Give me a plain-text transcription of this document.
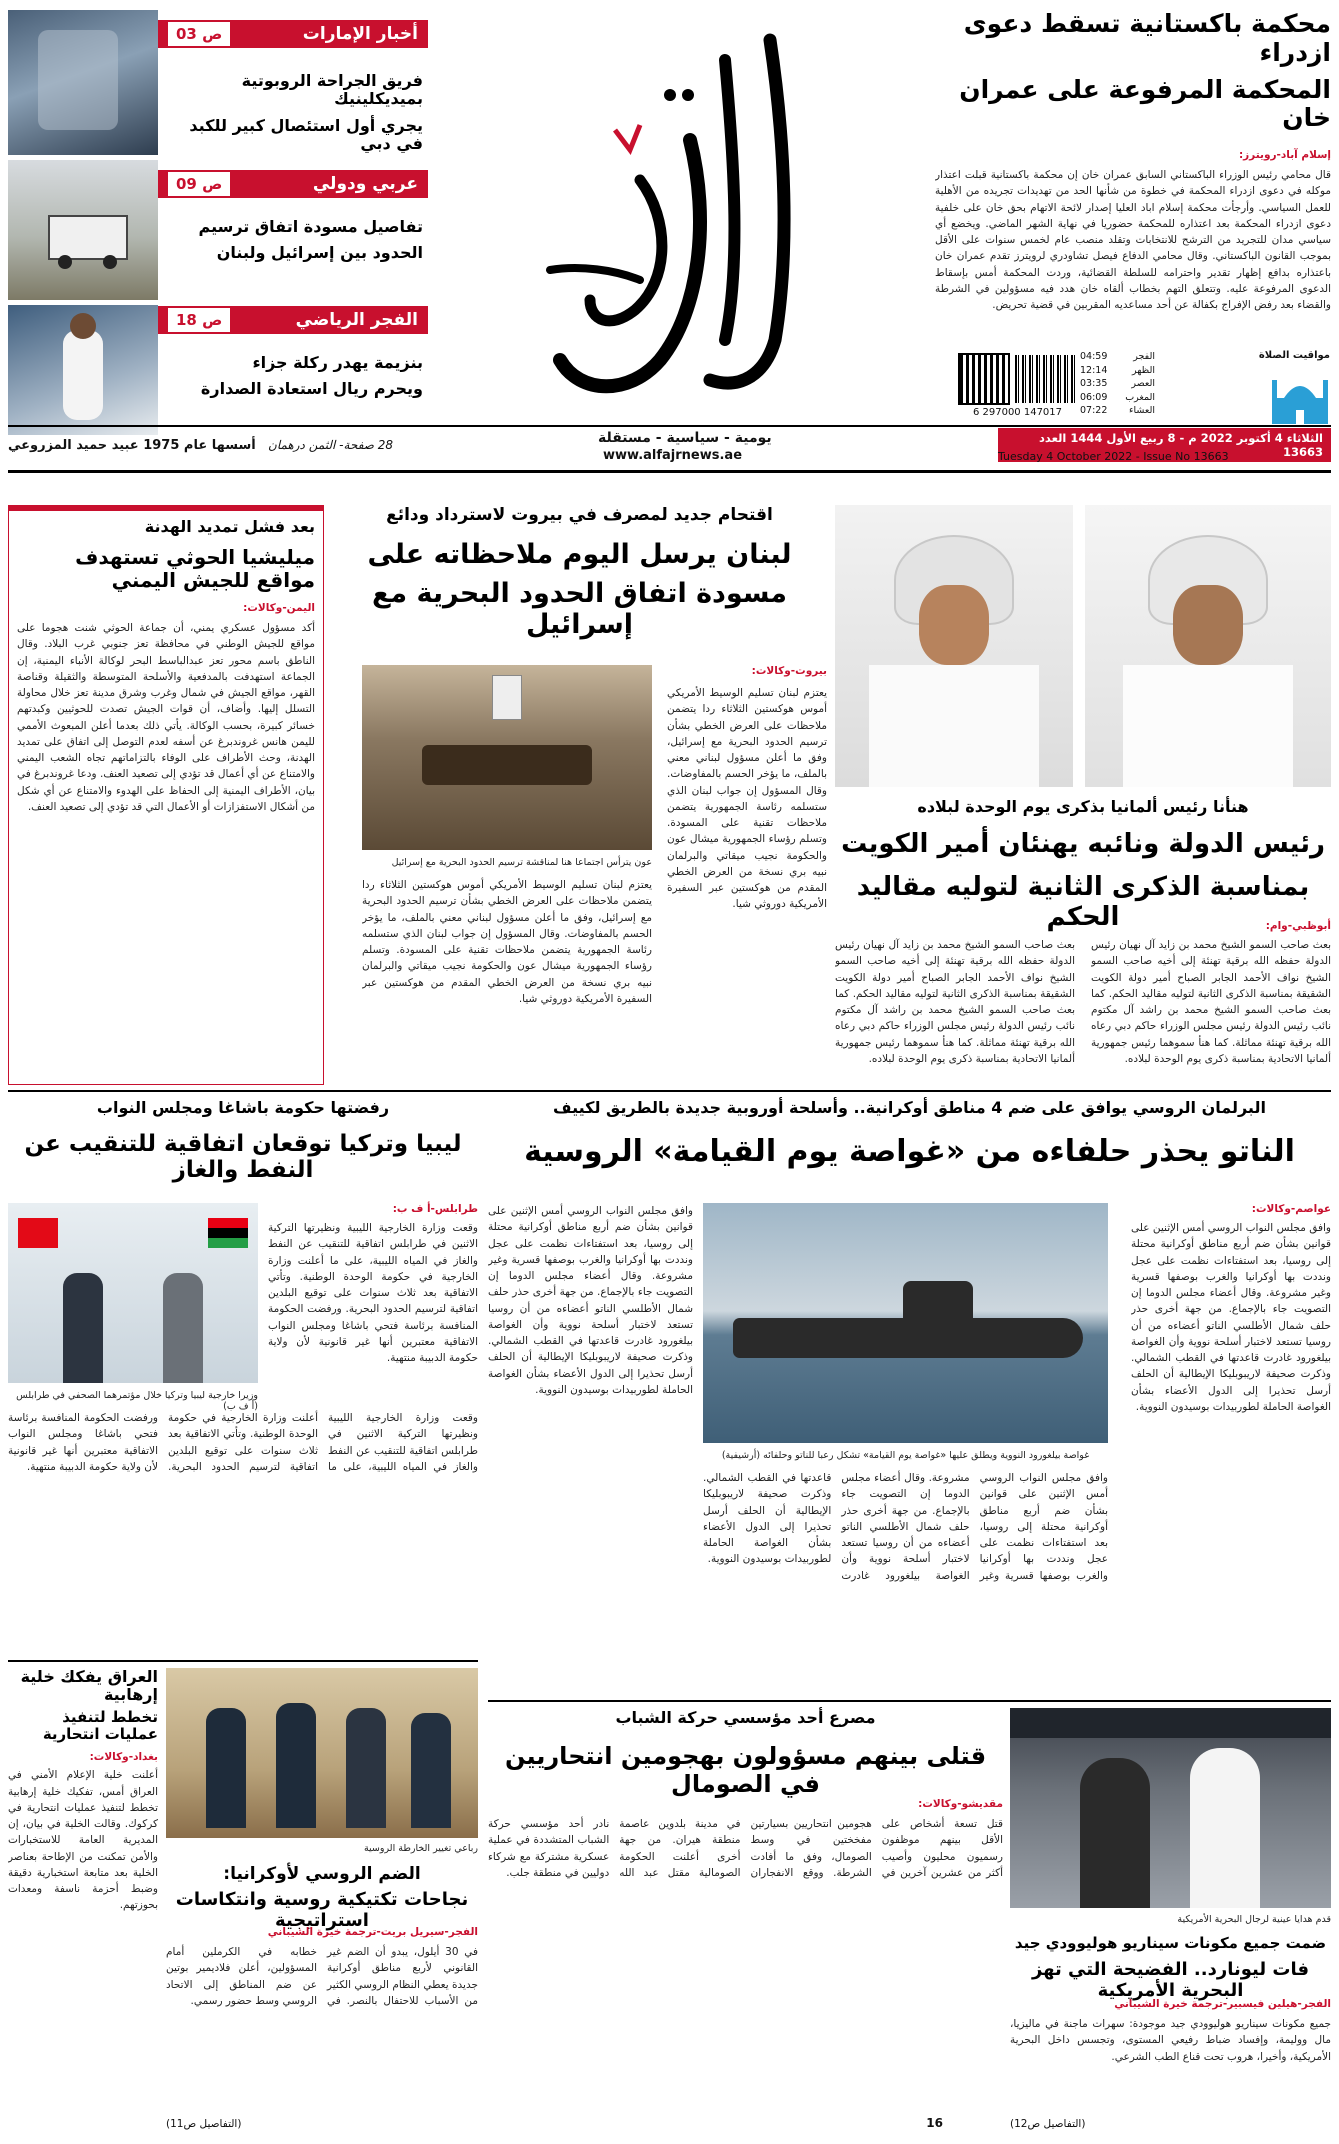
أخبار الإمارات
ص 03
فريق الجراحة الروبوتية بميديكلينيك
يجري أول استئصال كبير للكبد في دبي
عربي ودولي
ص 09
تفاصيل مسودة اتفاق ترسيم
الحدود بين إسرائيل ولبنان
الفجر الرياضي
ص 18
بنزيمة يهدر ركلة جزاء
ويحرم ريال استعادة الصدارة
محكمة باكستانية تسقط دعوى ازدراء
المحكمة المرفوعة على عمران خان
إسلام آباد-رويترز:
قال محامي رئيس الوزراء الباكستاني السابق عمران خان إن محكمة باكستانية قبلت اعتذار موكله في دعوى ازدراء المحكمة في خطوة من شأنها الحد من تهديدات تجريده من الأهلية للعمل السياسي. وأرجأت محكمة إسلام اباد العليا إصدار لائحة الاتهام بحق خان على خلفية دعوى ازدراء المحكمة بعد اعتذاره للمحكمة حضوريا في نهاية الشهر الماضي. ويخضع أي سياسي مدان للتجريد من الترشح للانتخابات وتقلد منصب عام لخمس سنوات على الأقل بموجب القانون الباكستاني. وقال محامي الدفاع فيصل تشاودري لرويترز تقدم عمران خان باعتذاره بدافع إظهار تقدير واحترامه للسلطة القضائية، وردت المحكمة أمس بإسقاط الدعوى المرفوعة عليه. وتتعلق التهم بخطاب ألقاه خان هدد فيه مسؤولين في الشرطة والقضاء بعد رفض الإفراج بكفالة عن أحد مساعديه المقربين في قضية تحريض.
مواقيت الصلاة
الفجر
04:59
الظهر
12:14
العصر
03:35
المغرب
06:09
العشاء
07:22
6 297000 147017
أسسها عام 1975 عبيد حميد المزروعي 28 صفحة- الثمن درهمان	يومية - سياسية - مستقلة
www.alfajrnews.ae
الثلاثاء 4 أكتوبر 2022 م - 8 ربيع الأول 1444 العدد 13663
Tuesday 4 October 2022 - Issue No 13663
بعد فشل تمديد الهدنة
ميليشيا الحوثي تستهدف مواقع للجيش اليمني
اليمن-وكالات:
أكد مسؤول عسكري يمني، أن جماعة الحوثي شنت هجوما على مواقع للجيش الوطني في محافظة تعز جنوبي غرب البلاد. وقال الناطق باسم محور تعز عبدالباسط البحر لوكالة الأنباء اليمنية، إن الجماعة استهدفت بالمدفعية والأسلحة المتوسطة والثقيلة وقناصة القهر، مواقع الجيش في شمال وغرب وشرق مدينة تعز خلال محاولة التسلل إليها. وأضاف، أن قوات الجيش تصدت للحوثيين وكبدتهم خسائر كبيرة، بحسب الوكالة. يأتي ذلك بعدما أعلن المبعوث الأممي لليمن هانس غروندبرغ عن أسفه لعدم التوصل إلى اتفاق على تمديد الهدنة، وحث الأطراف على الوفاء بالتزاماتهم تجاه الشعب اليمني والامتناع عن أي أعمال قد تؤدي إلى تصعيد العنف. ودعا غروندبرغ في بيان، الأطراف اليمنية إلى الحفاظ على الهدوء والامتناع عن أي شكل من أشكال الاستفزازات أو الأعمال التي قد تؤدي إلى تصعيد العنف.
اقتحام جديد لمصرف في بيروت لاسترداد ودائع
لبنان يرسل اليوم ملاحظاته على
مسودة اتفاق الحدود البحرية مع إسرائيل
عون يترأس اجتماعا هنا لمناقشة ترسيم الحدود البحرية مع إسرائيل
بيروت-وكالات:
يعتزم لبنان تسليم الوسيط الأمريكي أموس هوكستين الثلاثاء ردا يتضمن ملاحظات على العرض الخطي بشأن ترسيم الحدود البحرية مع إسرائيل، وفق ما أعلن مسؤول لبناني معني بالملف، ما يؤخر الحسم بالمفاوضات. وقال المسؤول إن جواب لبنان الذي ستسلمه رئاسة الجمهورية يتضمن ملاحظات تقنية على المسودة. وتسلم رؤساء الجمهورية ميشال عون والحكومة نجيب ميقاتي والبرلمان نبيه بري نسخة من العرض الخطي المقدم من هوكستين عبر السفيرة الأمريكية دوروثي شيا.
يعتزم لبنان تسليم الوسيط الأمريكي أموس هوكستين الثلاثاء ردا يتضمن ملاحظات على العرض الخطي بشأن ترسيم الحدود البحرية مع إسرائيل، وفق ما أعلن مسؤول لبناني معني بالملف، ما يؤخر الحسم بالمفاوضات. وقال المسؤول إن جواب لبنان الذي ستسلمه رئاسة الجمهورية يتضمن ملاحظات تقنية على المسودة. وتسلم رؤساء الجمهورية ميشال عون والحكومة نجيب ميقاتي والبرلمان نبيه بري نسخة من العرض الخطي المقدم من هوكستين عبر السفيرة الأمريكية دوروثي شيا.
هنأنا رئيس ألمانيا بذكرى يوم الوحدة لبلاده
رئيس الدولة ونائبه يهنئان أمير الكويت
بمناسبة الذكرى الثانية لتوليه مقاليد الحكم	أبوظبي-وام:
بعث صاحب السمو الشيخ محمد بن زايد آل نهيان رئيس الدولة حفظه الله برقية تهنئة إلى أخيه صاحب السمو الشيخ نواف الأحمد الجابر الصباح أمير دولة الكويت الشقيقة بمناسبة الذكرى الثانية لتوليه مقاليد الحكم. كما بعث صاحب السمو الشيخ محمد بن راشد آل مكتوم نائب رئيس الدولة رئيس مجلس الوزراء حاكم دبي رعاه الله برقية تهنئة مماثلة. كما هنأ سموهما رئيس جمهورية ألمانيا الاتحادية بمناسبة ذكرى يوم الوحدة لبلاده.
بعث صاحب السمو الشيخ محمد بن زايد آل نهيان رئيس الدولة حفظه الله برقية تهنئة إلى أخيه صاحب السمو الشيخ نواف الأحمد الجابر الصباح أمير دولة الكويت الشقيقة بمناسبة الذكرى الثانية لتوليه مقاليد الحكم. كما بعث صاحب السمو الشيخ محمد بن راشد آل مكتوم نائب رئيس الدولة رئيس مجلس الوزراء حاكم دبي رعاه الله برقية تهنئة مماثلة. كما هنأ سموهما رئيس جمهورية ألمانيا الاتحادية بمناسبة ذكرى يوم الوحدة لبلاده.
رفضتها حكومة باشاغا ومجلس النواب
ليبيا وتركيا توقعان اتفاقية للتنقيب عن النفط والغاز
وزيرا خارجية ليبيا وتركيا خلال مؤتمرهما الصحفي في طرابلس (أ ف ب)
طرابلس-أ ف ب:
وقعت وزارة الخارجية الليبية ونظيرتها التركية الاثنين في طرابلس اتفاقية للتنقيب عن النفط والغاز في المياه الليبية، على ما أعلنت وزارة الخارجية في حكومة الوحدة الوطنية. وتأتي الاتفاقية بعد ثلاث سنوات على توقيع البلدين اتفاقية لترسيم الحدود البحرية. ورفضت الحكومة المنافسة برئاسة فتحي باشاغا ومجلس النواب الاتفاقية معتبرين أنها غير قانونية لأن ولاية حكومة الدبيبة منتهية.
وقعت وزارة الخارجية الليبية ونظيرتها التركية الاثنين في طرابلس اتفاقية للتنقيب عن النفط والغاز في المياه الليبية، على ما أعلنت وزارة الخارجية في حكومة الوحدة الوطنية. وتأتي الاتفاقية بعد ثلاث سنوات على توقيع البلدين اتفاقية لترسيم الحدود البحرية. ورفضت الحكومة المنافسة برئاسة فتحي باشاغا ومجلس النواب الاتفاقية معتبرين أنها غير قانونية لأن ولاية حكومة الدبيبة منتهية.
البرلمان الروسي يوافق على ضم 4 مناطق أوكرانية.. وأسلحة أوروبية جديدة بالطريق لكييف
الناتو يحذر حلفاءه من «غواصة يوم القيامة» الروسية
غواصة بيلغورود النووية ويطلق عليها «غواصة يوم القيامة» تشكل رعبا للناتو وحلفائه (أرشيفية)
عواصم-وكالات:
وافق مجلس النواب الروسي أمس الإثنين على قوانين بشأن ضم أربع مناطق أوكرانية محتلة إلى روسيا، بعد استفتاءات نظمت على عجل ونددت بها أوكرانيا والغرب بوصفها قسرية وغير مشروعة. وقال أعضاء مجلس الدوما إن التصويت جاء بالإجماع. من جهة أخرى حذر حلف شمال الأطلسي الناتو أعضاءه من أن روسيا تستعد لاختبار أسلحة نووية وأن الغواصة بيلغورود غادرت قاعدتها في القطب الشمالي. وذكرت صحيفة لاريبوبليكا الإيطالية أن الحلف أرسل تحذيرا إلى الدول الأعضاء بشأن الغواصة الحاملة لطوربيدات بوسيدون النووية.
وافق مجلس النواب الروسي أمس الإثنين على قوانين بشأن ضم أربع مناطق أوكرانية محتلة إلى روسيا، بعد استفتاءات نظمت على عجل ونددت بها أوكرانيا والغرب بوصفها قسرية وغير مشروعة. وقال أعضاء مجلس الدوما إن التصويت جاء بالإجماع. من جهة أخرى حذر حلف شمال الأطلسي الناتو أعضاءه من أن روسيا تستعد لاختبار أسلحة نووية وأن الغواصة بيلغورود غادرت قاعدتها في القطب الشمالي. وذكرت صحيفة لاريبوبليكا الإيطالية أن الحلف أرسل تحذيرا إلى الدول الأعضاء بشأن الغواصة الحاملة لطوربيدات بوسيدون النووية.
وافق مجلس النواب الروسي أمس الإثنين على قوانين بشأن ضم أربع مناطق أوكرانية محتلة إلى روسيا، بعد استفتاءات نظمت على عجل ونددت بها أوكرانيا والغرب بوصفها قسرية وغير مشروعة. وقال أعضاء مجلس الدوما إن التصويت جاء بالإجماع. من جهة أخرى حذر حلف شمال الأطلسي الناتو أعضاءه من أن روسيا تستعد لاختبار أسلحة نووية وأن الغواصة بيلغورود غادرت قاعدتها في القطب الشمالي. وذكرت صحيفة لاريبوبليكا الإيطالية أن الحلف أرسل تحذيرا إلى الدول الأعضاء بشأن الغواصة الحاملة لطوربيدات بوسيدون النووية.
العراق يفكك خلية إرهابية
تخطط لتنفيذ عمليات انتحارية
بغداد-وكالات:
أعلنت خلية الإعلام الأمني في العراق أمس، تفكيك خلية إرهابية تخطط لتنفيذ عمليات انتحارية في كركوك. وقالت الخلية في بيان، إن المديرية العامة للاستخبارات والأمن تمكنت من الإطاحة بعناصر الخلية بعد متابعة استخبارية دقيقة وضبط أحزمة ناسفة ومعدات بحوزتهم.
رباعي تغيير الخارطة الروسية
الضم الروسي لأوكرانيا:
نجاحات تكتيكية روسية وانتكاسات استراتيجية
الفجر-سيريل بريت-ترجمة خيرة الشيباني
في 30 أيلول، يبدو أن الضم غير القانوني لأربع مناطق أوكرانية جديدة يعطي النظام الروسي الكثير من الأسباب للاحتفال بالنصر. في خطابه في الكرملين أمام المسؤولين، أعلن فلاديمير بوتين عن ضم المناطق إلى الاتحاد الروسي وسط حضور رسمي.
(التفاصيل ص11)
مصرع أحد مؤسسي حركة الشباب
قتلى بينهم مسؤولون بهجومين انتحاريين في الصومال
مقديشو-وكالات:
قتل تسعة أشخاص على الأقل بينهم موظفون رسميون محليون وأصيب أكثر من عشرين آخرين في هجومين انتحاريين بسيارتين مفخختين في وسط الصومال، وفق ما أفادت الشرطة. ووقع الانفجاران في مدينة بلدوين عاصمة منطقة هيران. من جهة أخرى أعلنت الحكومة الصومالية مقتل عبد الله نادر أحد مؤسسي حركة الشباب المتشددة في عملية عسكرية مشتركة مع شركاء دوليين في منطقة جلب.
16
قدم هدايا عينية لرجال البحرية الأمريكية
ضمت جميع مكونات سيناريو هوليوودي جيد
فات ليونارد.. الفضيحة التي تهز البحرية الأمريكية
الفجر-هيلين فيسبير-ترجمة خيرة الشيباني
جميع مكونات سيناريو هوليوودي جيد موجودة: سهرات ماجنة في ماليزيا، مال ووليمة، وإفساد ضباط رفيعي المستوى، وتجسس داخل البحرية الأمريكية، وأخيرا، هروب تحت قناع الطب الشرعي.
(التفاصيل ص12)
